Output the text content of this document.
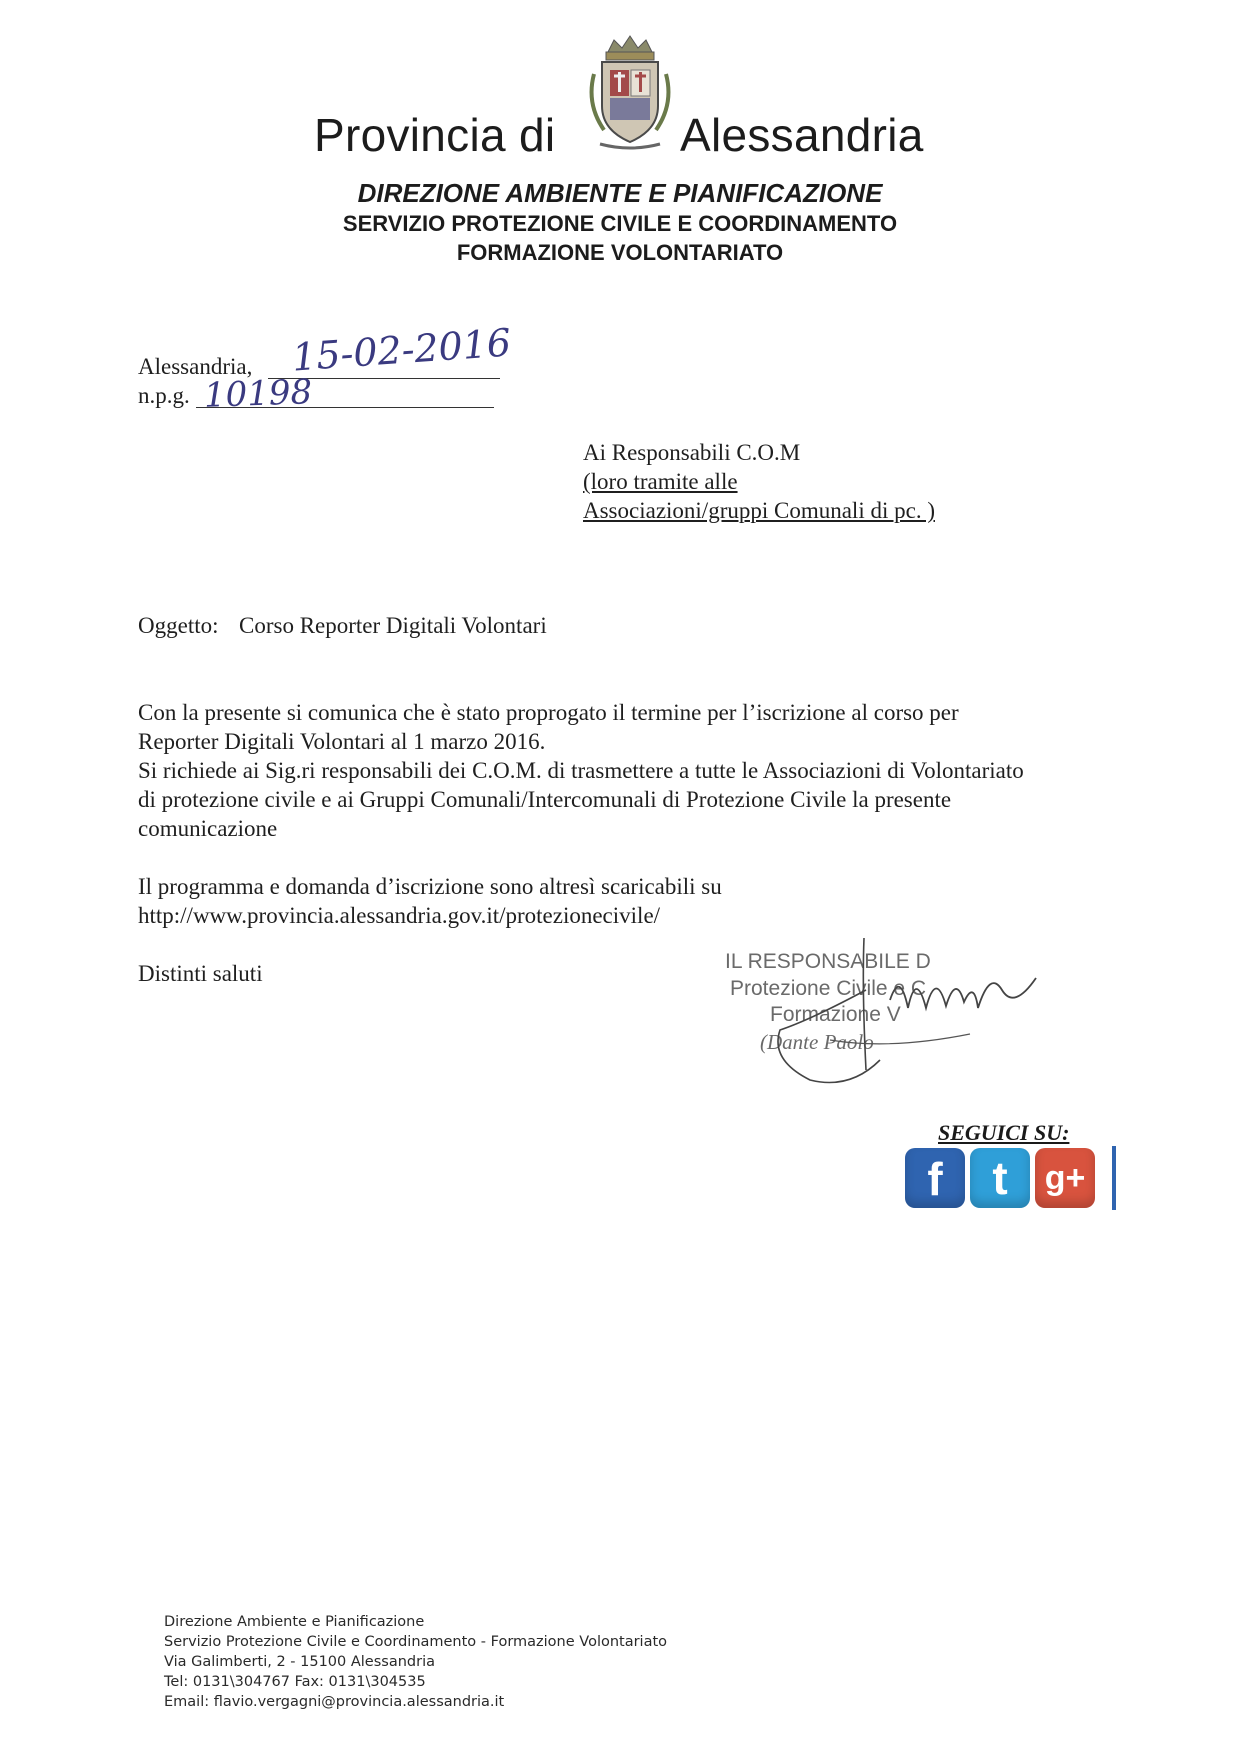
Provincia di	Alessandria
DIREZIONE AMBIENTE E PIANIFICAZIONE
SERVIZIO PROTEZIONE CIVILE E COORDINAMENTO
FORMAZIONE VOLONTARIATO
Alessandria, 15-02-2016
n.p.g. 10198
Ai Responsabili C.O.M
(loro tramite alle
Associazioni/gruppi Comunali di pc. )
Oggetto: Corso Reporter Digitali Volontari
Con la presente si comunica che è stato proprogato il termine per l’iscrizione al corso per
Reporter Digitali Volontari al 1 marzo 2016.
Si richiede ai Sig.ri responsabili dei C.O.M. di trasmettere a tutte le Associazioni di Volontariato
di protezione civile e ai Gruppi Comunali/Intercomunali di Protezione Civile la presente
comunicazione
Il programma e domanda d’iscrizione sono altresì scaricabili su
http://www.provincia.alessandria.gov.it/protezionecivile/
Distinti saluti	IL RESPONSABILE D
Protezione Civile e C
Formazione V
(Dante Paolo
SEGUICI SU:
f	t	g+
Direzione Ambiente e Pianificazione
Servizio Protezione Civile e Coordinamento - Formazione Volontariato
Via Galimberti, 2 - 15100 Alessandria
Tel: 0131\304767 Fax: 0131\304535
Email: flavio.vergagni@provincia.alessandria.it
